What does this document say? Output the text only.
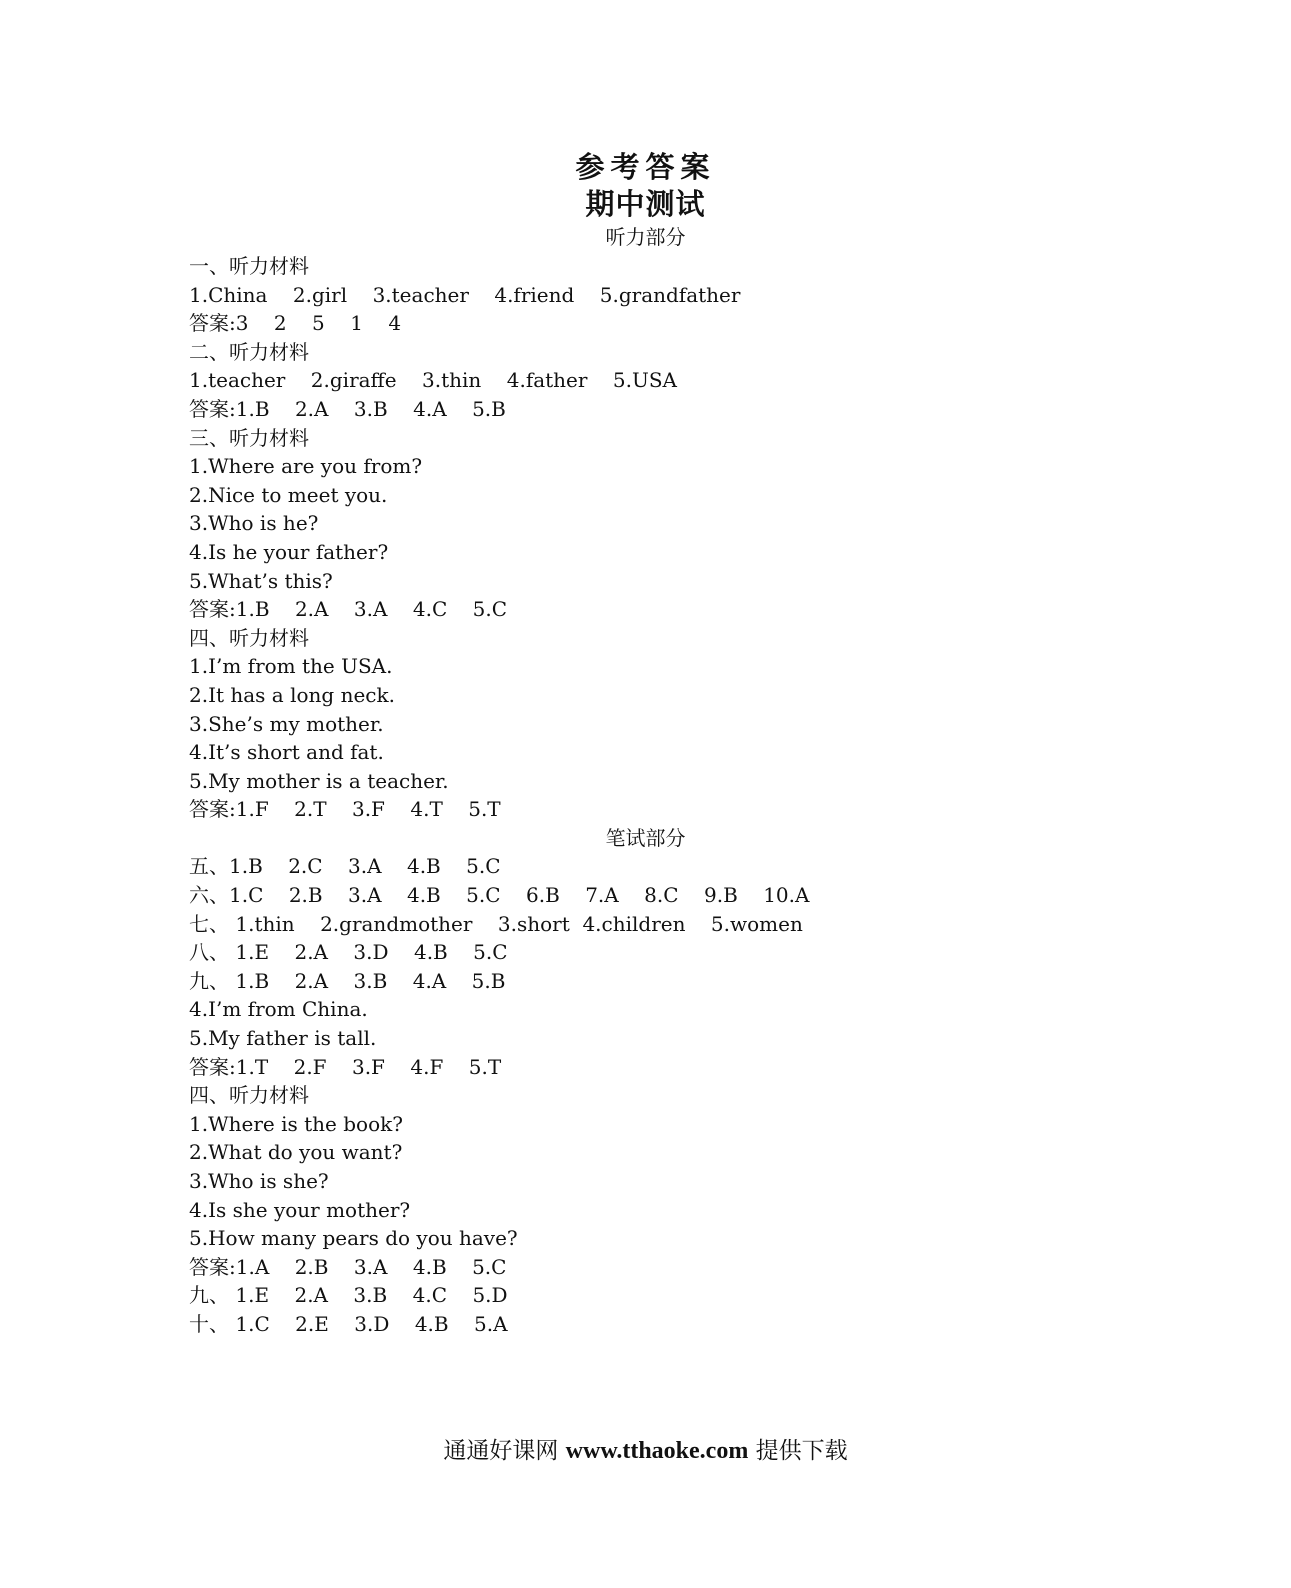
参考答案
期中测试
听力部分
一、听力材料
1.China    2.girl    3.teacher    4.friend    5.grandfather
答案:3    2    5    1    4
二、听力材料
1.teacher    2.giraffe    3.thin    4.father    5.USA
答案:1.B    2.A    3.B    4.A    5.B
三、听力材料
1.Where are you from?
2.Nice to meet you.
3.Who is he?
4.Is he your father?
5.What’s this?
答案:1.B    2.A    3.A    4.C    5.C
四、听力材料
1.I’m from the USA.
2.It has a long neck.
3.She’s my mother.
4.It’s short and fat.
5.My mother is a teacher.
答案:1.F    2.T    3.F    4.T    5.T
笔试部分
五、1.B    2.C    3.A    4.B    5.C
六、1.C    2.B    3.A    4.B    5.C    6.B    7.A    8.C    9.B    10.A
七、 1.thin    2.grandmother    3.short  4.children    5.women
八、 1.E    2.A    3.D    4.B    5.C
九、 1.B    2.A    3.B    4.A    5.B
4.I’m from China.
5.My father is tall.
答案:1.T    2.F    3.F    4.F    5.T
四、听力材料
1.Where is the book?
2.What do you want?
3.Who is she?
4.Is she your mother?
5.How many pears do you have?
答案:1.A    2.B    3.A    4.B    5.C
九、 1.E    2.A    3.B    4.C    5.D
十、 1.C    2.E    3.D    4.B    5.A
通通好课网 www.tthaoke.com 提供下载
